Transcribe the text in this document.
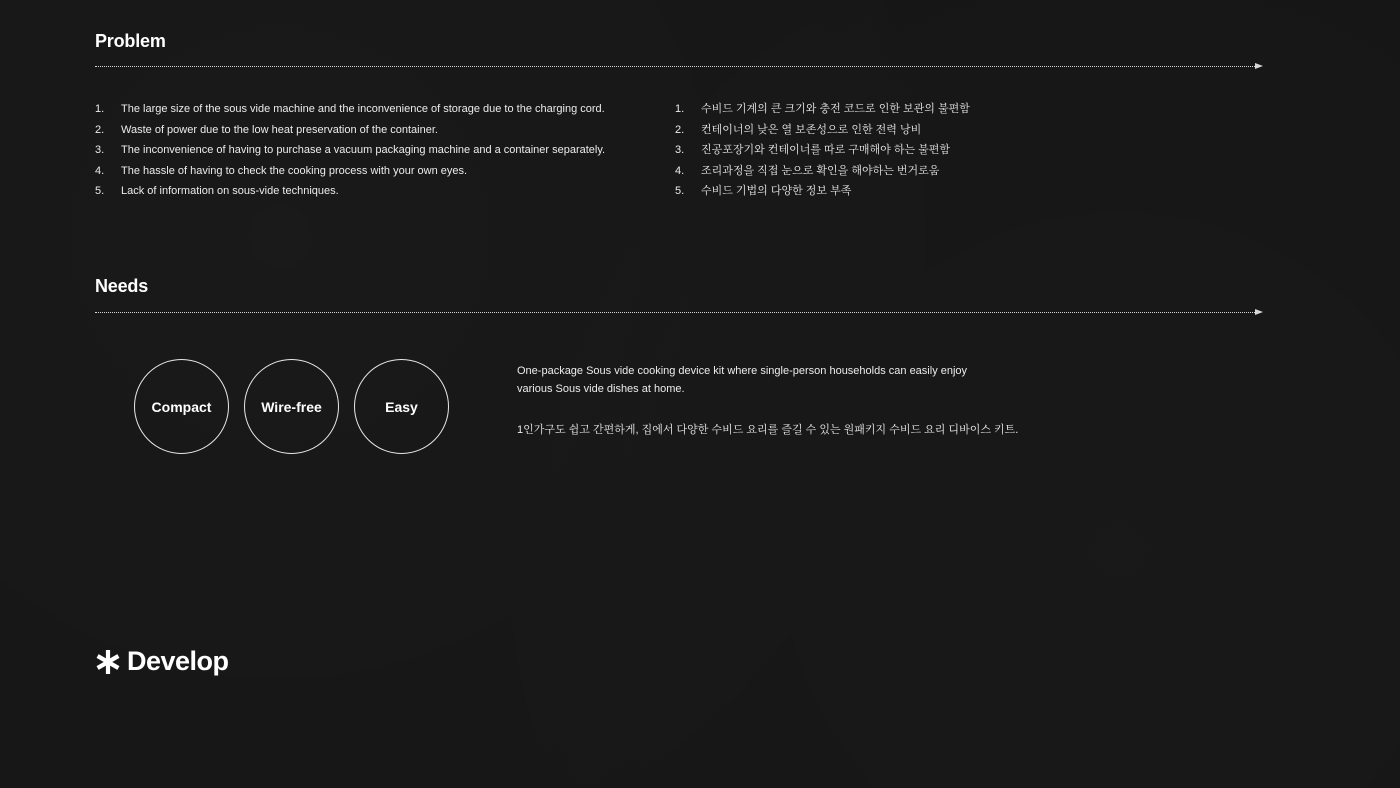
Problem
1. The large size of the sous vide machine and the inconvenience of storage due to the charging cord.
2. Waste of power due to the low heat preservation of the container.
3. The inconvenience of having to purchase a vacuum packaging machine and a container separately.
4. The hassle of having to check the cooking process with your own eyes.
5. Lack of information on sous-vide techniques.
1. 수비드 기계의 큰 크기와 충전 코드로 인한 보관의 불편함
2. 컨테이너의 낮은 열 보존성으로 인한 전력 낭비
3. 진공포장기와 컨테이너를 따로 구매해야 하는 불편함
4. 조리과정을 직접 눈으로 확인을 해야하는 번거로움
5. 수비드 기법의 다양한 정보 부족
Needs
Compact	Wire-free	Easy

One-package Sous vide cooking device kit where single-person households can easily enjoy various Sous vide dishes at home.

1인가구도 쉽고 간편하게, 집에서 다양한 수비드 요리를 즐길 수 있는 원패키지 수비드 요리 디바이스 키트.

Develop
